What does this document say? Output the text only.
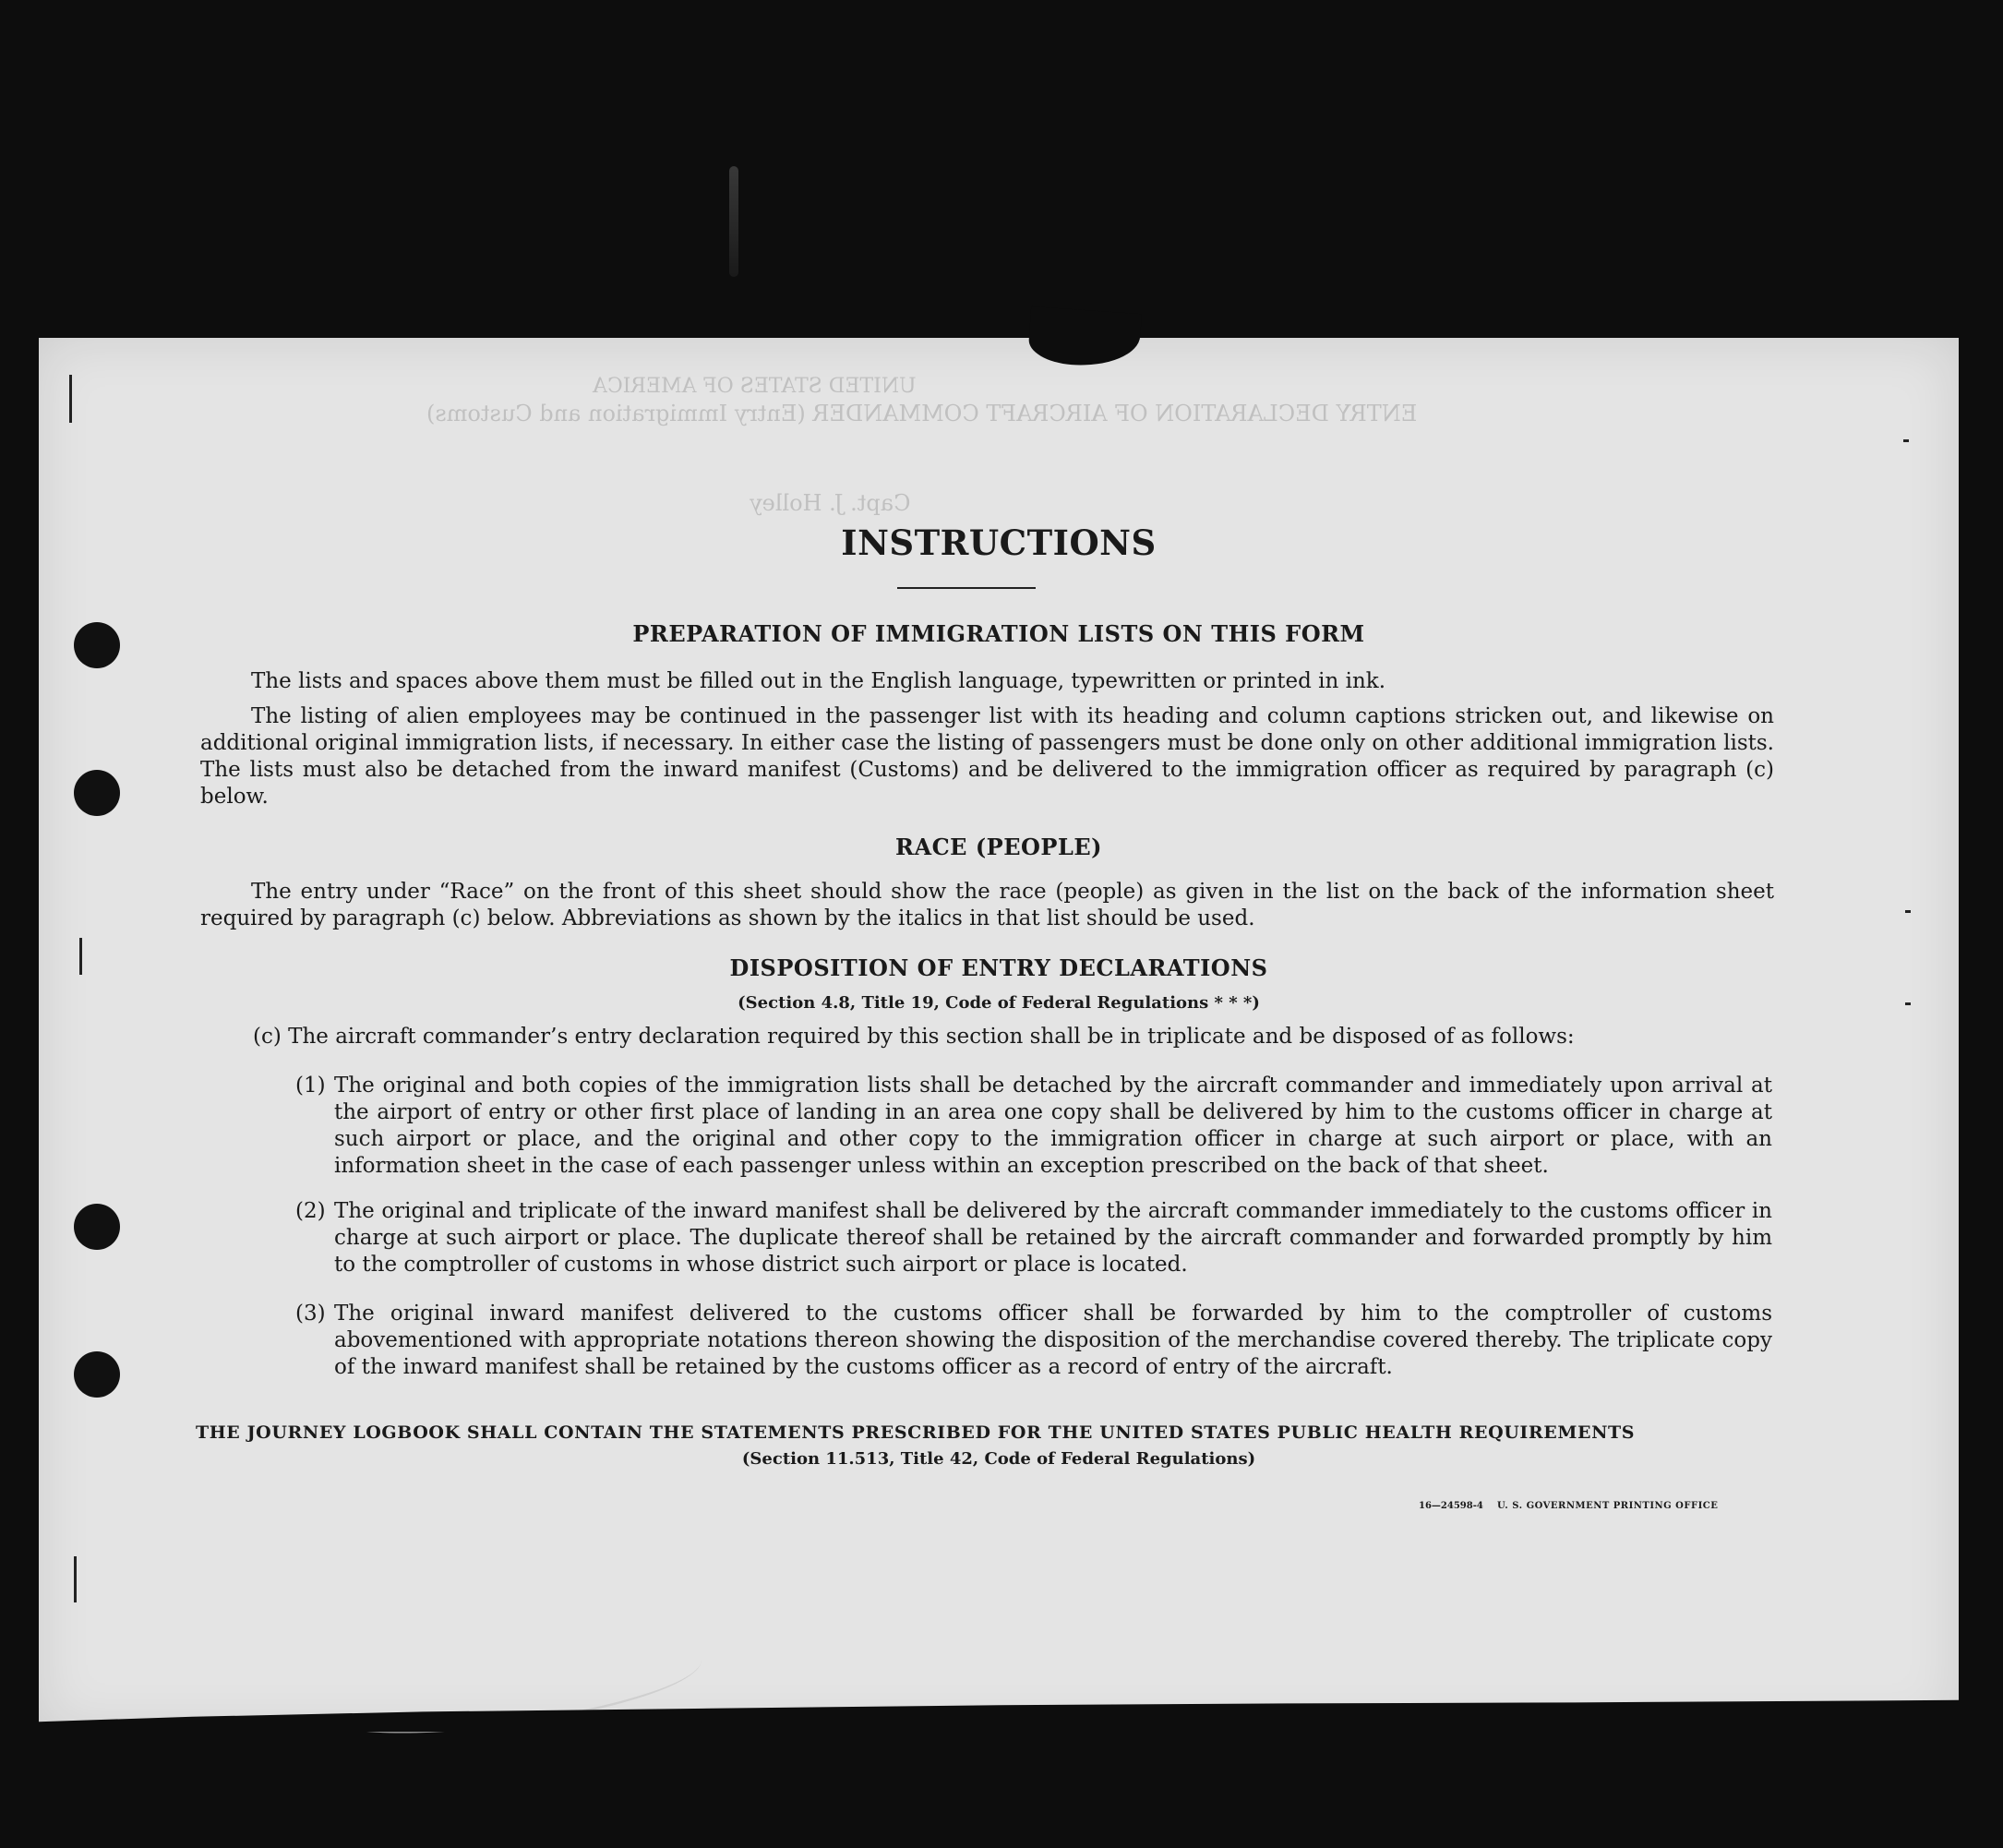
UNITED STATES OF AMERICA
ENTRY DECLARATION OF AIRCRAFT COMMANDER (Entry Immigration and Customs)
Capt. J. Holley
INSTRUCTIONS
PREPARATION OF IMMIGRATION LISTS ON THIS FORM

The lists and spaces above them must be filled out in the English language, typewritten or printed in ink.

The listing of alien employees may be continued in the passenger list with its heading and column captions stricken out, and likewise on additional original immigration lists, if necessary. In either case the listing of passengers must be done only on other additional immigration lists. The lists must also be detached from the inward manifest (Customs) and be delivered to the immigration officer as required by paragraph (c) below.

RACE (PEOPLE)

The entry under “Race” on the front of this sheet should show the race (people) as given in the list on the back of the information sheet required by paragraph (c) below. Abbreviations as shown by the italics in that list should be used.

DISPOSITION OF ENTRY DECLARATIONS

(Section 4.8, Title 19, Code of Federal Regulations * * *)

(c) The aircraft commander’s entry declaration required by this section shall be in triplicate and be disposed of as follows:

(1) The original and both copies of the immigration lists shall be detached by the aircraft commander and immediately upon arrival at the airport of entry or other first place of landing in an area one copy shall be delivered by him to the customs officer in charge at such airport or place, and the original and other copy to the immigration officer in charge at such airport or place, with an information sheet in the case of each passenger unless within an exception prescribed on the back of that sheet.
(2) The original and triplicate of the inward manifest shall be delivered by the aircraft commander immediately to the customs officer in charge at such airport or place. The duplicate thereof shall be retained by the aircraft commander and forwarded promptly by him to the comptroller of customs in whose district such airport or place is located.
(3) The original inward manifest delivered to the customs officer shall be forwarded by him to the comptroller of customs abovementioned with appropriate notations thereon showing the disposition of the merchandise covered thereby. The triplicate copy of the inward manifest shall be retained by the customs officer as a record of entry of the aircraft.

THE JOURNEY LOGBOOK SHALL CONTAIN THE STATEMENTS PRESCRIBED FOR THE UNITED STATES PUBLIC HEALTH REQUIREMENTS

(Section 11.513, Title 42, Code of Federal Regulations)

16—24598-4 U. S. GOVERNMENT PRINTING OFFICE
